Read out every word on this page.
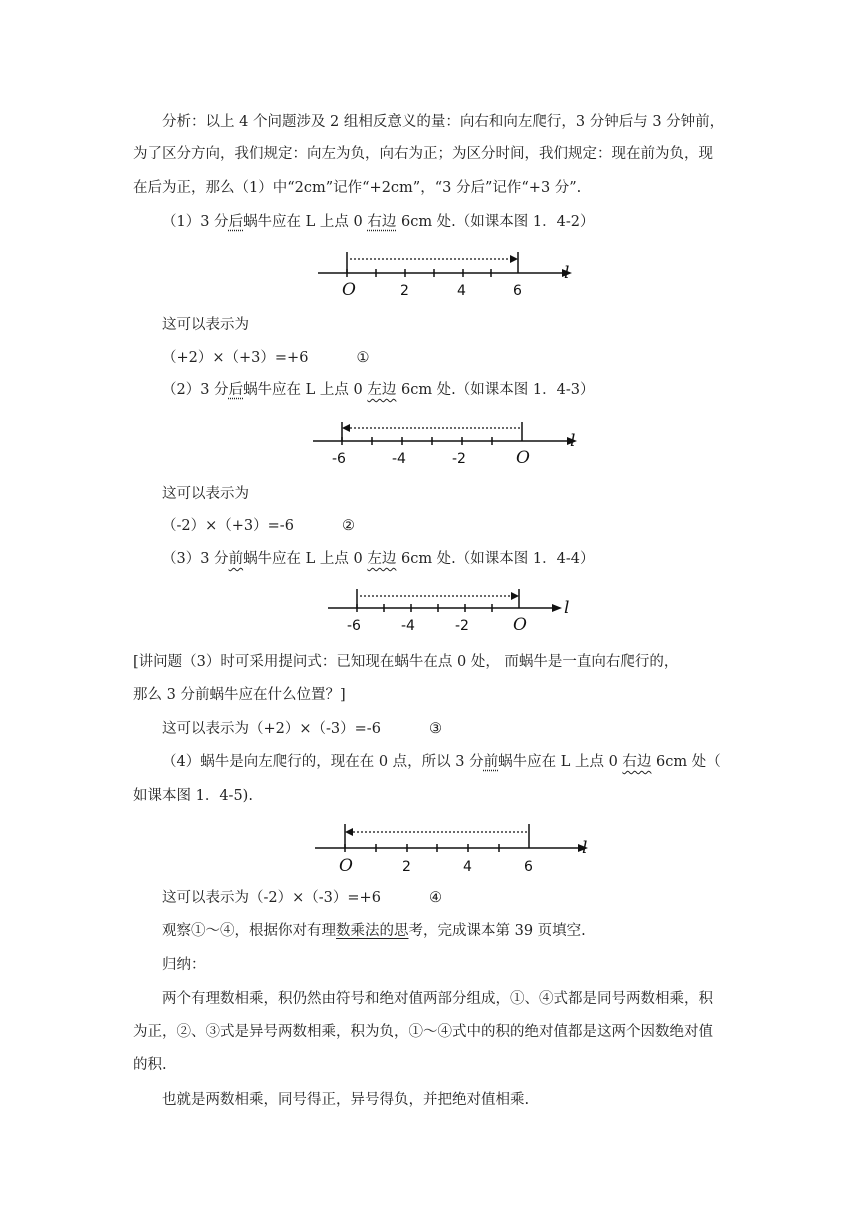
分析：以上 4 个问题涉及 2 组相反意义的量：向右和向左爬行，3 分钟后与 3 分钟前，
为了区分方向，我们规定：向左为负，向右为正；为区分时间，我们规定：现在前为负，现
在后为正，那么（1）中“2cm”记作“+2cm”，“3 分后”记作“+3 分”.
（1）3 分后蜗牛应在 L 上点 0 右边 6cm 处.（如课本图 1．4-2）
O	2	4	6
l
这可以表示为
（+2）×（+3）=+6	①
（2）3 分后蜗牛应在 L 上点 0 左边 6cm 处.（如课本图 1．4-3）
-6	-4	-2	O
l
这可以表示为
（-2）×（+3）=-6	②
（3）3 分前蜗牛应在 L 上点 0 左边 6cm 处.（如课本图 1．4-4）
-6	-4	-2	O
l
[讲问题（3）时可采用提问式：已知现在蜗牛在点 0 处， 而蜗牛是一直向右爬行的，
那么 3 分前蜗牛应在什么位置？]
这可以表示为（+2）×（-3）=-6	③
（4）蜗牛是向左爬行的，现在在 0 点，所以 3 分前蜗牛应在 L 上点 0 右边 6cm 处（
如课本图 1．4-5).
O	2	4	6
l
这可以表示为（-2）×（-3）=+6	④
观察①～④，根据你对有理数乘法的思考，完成课本第 39 页填空.
归纳：
两个有理数相乘，积仍然由符号和绝对值两部分组成，①、④式都是同号两数相乘，积
为正，②、③式是异号两数相乘，积为负，①～④式中的积的绝对值都是这两个因数绝对值
的积.
也就是两数相乘，同号得正，异号得负，并把绝对值相乘.
